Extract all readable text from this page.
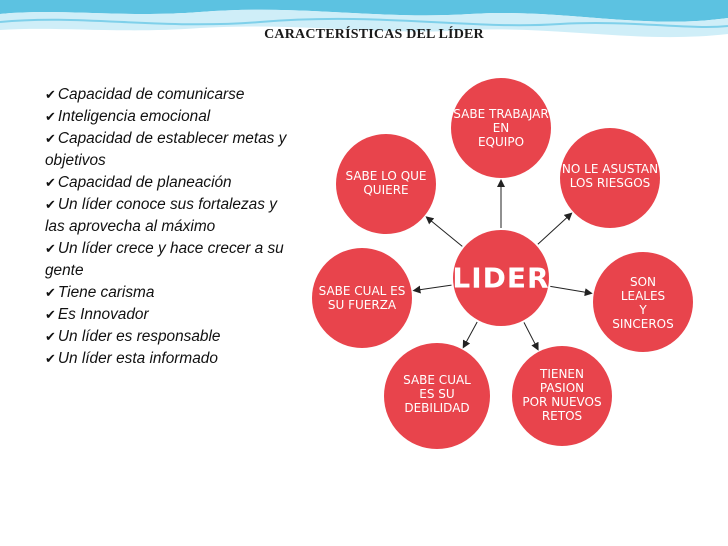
CARACTERÍSTICAS DEL LÍDER
✔ Capacidad de comunicarse
✔ Inteligencia emocional
✔ Capacidad de establecer metas y objetivos
✔ Capacidad de planeación
✔ Un líder conoce sus fortalezas y las aprovecha al máximo
✔ Un líder crece y hace crecer a su gente
✔ Tiene carisma
✔ Es Innovador
✔ Un líder es responsable
✔ Un líder esta informado
LIDER
SABE TRABAJAR
EN
EQUIPO
NO LE ASUSTAN
LOS RIESGOS
SON LEALES
Y
SINCEROS
TIENEN
PASION
POR NUEVOS
RETOS
SABE CUAL
ES SU
DEBILIDAD
SABE CUAL ES
SU FUERZA
SABE LO QUE
QUIERE
